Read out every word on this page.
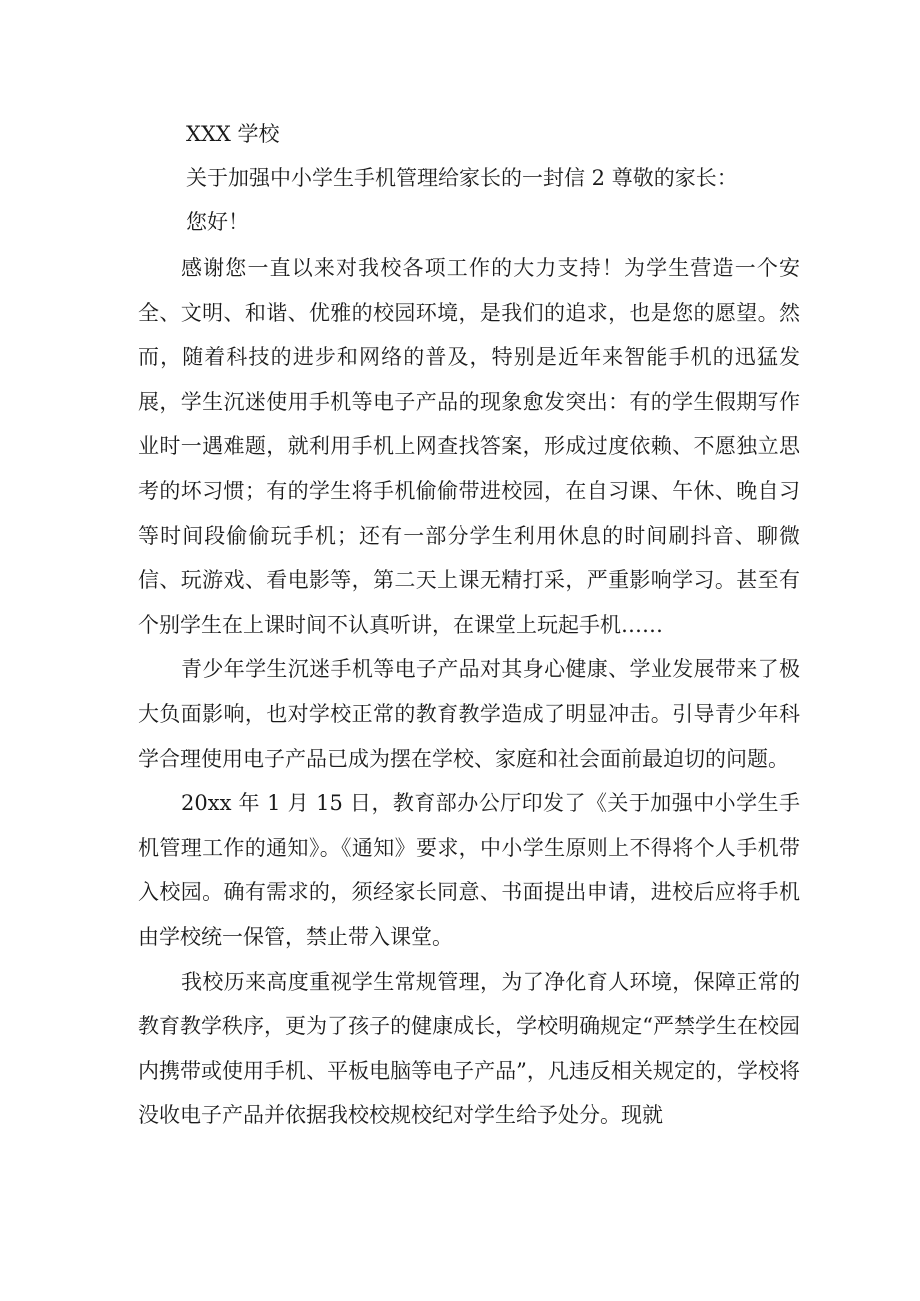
XXX 学校

关于加强中小学生手机管理给家长的一封信 2 尊敬的家长：

您好！

感谢您一直以来对我校各项工作的大力支持！为学生营造一个安全、文明、和谐、优雅的校园环境，是我们的追求，也是您的愿望。然而，随着科技的进步和网络的普及，特别是近年来智能手机的迅猛发展，学生沉迷使用手机等电子产品的现象愈发突出：有的学生假期写作业时一遇难题，就利用手机上网查找答案，形成过度依赖、不愿独立思考的坏习惯；有的学生将手机偷偷带进校园，在自习课、午休、晚自习等时间段偷偷玩手机；还有一部分学生利用休息的时间刷抖音、聊微信、玩游戏、看电影等，第二天上课无精打采，严重影响学习。甚至有个别学生在上课时间不认真听讲，在课堂上玩起手机……

青少年学生沉迷手机等电子产品对其身心健康、学业发展带来了极大负面影响，也对学校正常的教育教学造成了明显冲击。引导青少年科学合理使用电子产品已成为摆在学校、家庭和社会面前最迫切的问题。

20xx 年 1 月 15 日，教育部办公厅印发了《关于加强中小学生手机管理工作的通知》。《通知》要求，中小学生原则上不得将个人手机带入校园。确有需求的，须经家长同意、书面提出申请，进校后应将手机由学校统一保管，禁止带入课堂。

我校历来高度重视学生常规管理，为了净化育人环境，保障正常的教育教学秩序，更为了孩子的健康成长，学校明确规定“严禁学生在校园内携带或使用手机、平板电脑等电子产品”，凡违反相关规定的，学校将没收电子产品并依据我校校规校纪对学生给予处分。现就
